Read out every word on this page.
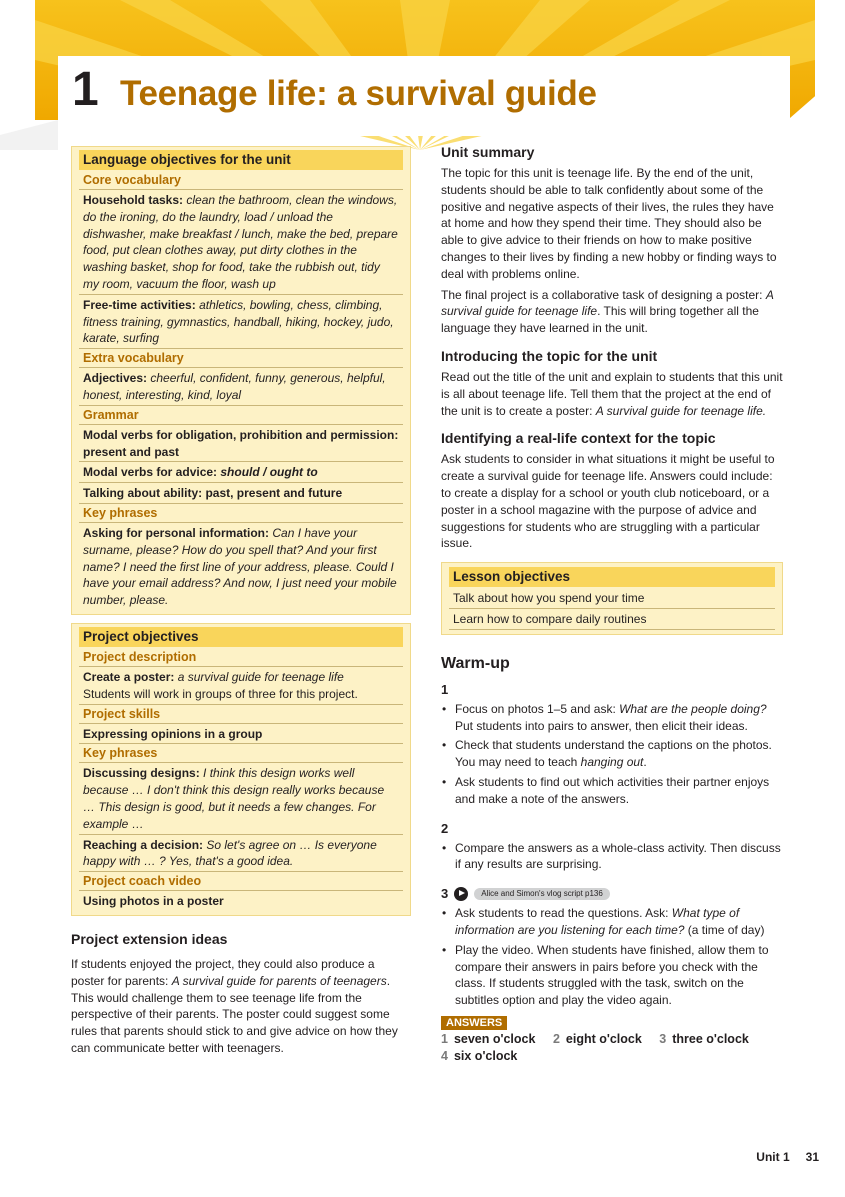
1 Teenage life: a survival guide
Language objectives for the unit
Core vocabulary
Household tasks: clean the bathroom, clean the windows, do the ironing, do the laundry, load / unload the dishwasher, make breakfast / lunch, make the bed, prepare food, put clean clothes away, put dirty clothes in the washing basket, shop for food, take the rubbish out, tidy my room, vacuum the floor, wash up
Free-time activities: athletics, bowling, chess, climbing, fitness training, gymnastics, handball, hiking, hockey, judo, karate, surfing
Extra vocabulary
Adjectives: cheerful, confident, funny, generous, helpful, honest, interesting, kind, loyal
Grammar
Modal verbs for obligation, prohibition and permission: present and past
Modal verbs for advice: should / ought to
Talking about ability: past, present and future
Key phrases
Asking for personal information: Can I have your surname, please? How do you spell that? And your first name? I need the first line of your address, please. Could I have your email address? And now, I just need your mobile number, please.
Project objectives
Project description
Create a poster: a survival guide for teenage life
Students will work in groups of three for this project.
Project skills
Expressing opinions in a group
Key phrases
Discussing designs: I think this design works well because … I don't think this design really works because … This design is good, but it needs a few changes. For example …
Reaching a decision: So let's agree on … Is everyone happy with … ? Yes, that's a good idea.
Project coach video
Using photos in a poster
Project extension ideas

If students enjoyed the project, they could also produce a poster for parents: A survival guide for parents of teenagers. This would challenge them to see teenage life from the perspective of their parents. The poster could suggest some rules that parents should stick to and give advice on how they can communicate better with teenagers.

Unit summary

The topic for this unit is teenage life. By the end of the unit, students should be able to talk confidently about some of the positive and negative aspects of their lives, the rules they have at home and how they spend their time. They should also be able to give advice to their friends on how to make positive changes to their lives by finding a new hobby or finding ways to deal with problems online.

The final project is a collaborative task of designing a poster: A survival guide for teenage life. This will bring together all the language they have learned in the unit.

Introducing the topic for the unit

Read out the title of the unit and explain to students that this unit is all about teenage life. Tell them that the project at the end of the unit is to create a poster: A survival guide for teenage life.

Identifying a real-life context for the topic

Ask students to consider in what situations it might be useful to create a survival guide for teenage life. Answers could include: to create a display for a school or youth club noticeboard, or a poster in a school magazine with the purpose of advice and suggestions for students who are struggling with a particular issue.

Lesson objectives
Talk about how you spend your time
Learn how to compare daily routines
Warm-up
1
• Focus on photos 1–5 and ask: What are the people doing? Put students into pairs to answer, then elicit their ideas.
• Check that students understand the captions on the photos. You may need to teach hanging out.
• Ask students to find out which activities their partner enjoys and make a note of the answers.
2
• Compare the answers as a whole-class activity. Then discuss if any results are surprising.
3	Alice and Simon's vlog script p136
• Ask students to read the questions. Ask: What type of information are you listening for each time? (a time of day)
• Play the video. When students have finished, allow them to compare their answers in pairs before you check with the class. If students struggled with the task, switch on the subtitles option and play the video again.
ANSWERS
1 seven o'clock 2 eight o'clock 3 three o'clock
4 six o'clock
Unit 1 31
